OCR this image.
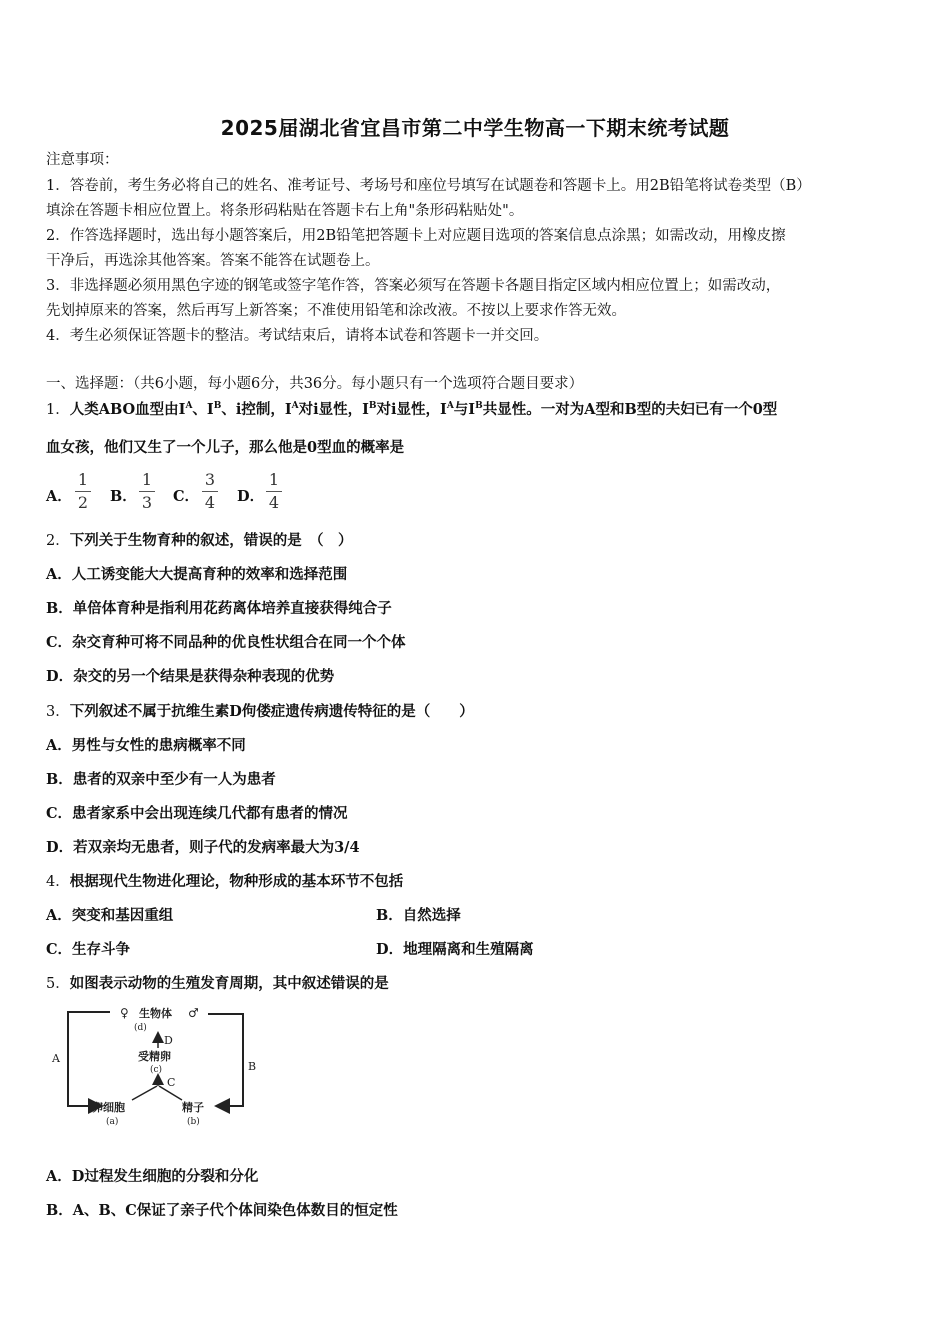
2025届湖北省宜昌市第二中学生物高一下期末统考试题
注意事项：
1．答卷前，考生务必将自己的姓名、准考证号、考场号和座位号填写在试题卷和答题卡上。用2B铅笔将试卷类型（B）
填涂在答题卡相应位置上。将条形码粘贴在答题卡右上角"条形码粘贴处"。
2．作答选择题时，选出每小题答案后，用2B铅笔把答题卡上对应题目选项的答案信息点涂黑；如需改动，用橡皮擦
干净后，再选涂其他答案。答案不能答在试题卷上。
3．非选择题必须用黑色字迹的钢笔或签字笔作答，答案必须写在答题卡各题目指定区域内相应位置上；如需改动，
先划掉原来的答案，然后再写上新答案；不准使用铅笔和涂改液。不按以上要求作答无效。
4．考生必须保证答题卡的整洁。考试结束后，请将本试卷和答题卡一并交回。
一、选择题：（共6小题，每小题6分，共36分。每小题只有一个选项符合题目要求）
1．人类ABO血型由$I^A$、$I^B$、i控制，$I^A$对i显性，$I^B$对i显性，$I^A$与$I^B$共显性。一对为A型和B型的夫妇已有一个0型
血女孩，他们又生了一个儿子，那么他是0型血的概率是
A．
1
2	B．
1
3	C．
3
4	D．
1
4
2．下列关于生物育种的叙述，错误的是　（　）
A．人工诱变能大大提高育种的效率和选择范围
B．单倍体育种是指利用花药离体培养直接获得纯合子
C．杂交育种可将不同品种的优良性状组合在同一个个体
D．杂交的另一个结果是获得杂种表现的优势
3．下列叙述不属于抗维生素D佝偻症遗传病遗传特征的是（　　）
A．男性与女性的患病概率不同
B．患者的双亲中至少有一人为患者
C．患者家系中会出现连续几代都有患者的情况
D．若双亲均无患者，则子代的发病率最大为3/4
4．根据现代生物进化理论，物种形成的基本环节不包括
A．突变和基因重组	B．自然选择
C．生存斗争	D．地理隔离和生殖隔离
5．如图表示动物的生殖发育周期，其中叙述错误的是
♀ 生物体 ♂
(d)
D
受精卵
(c)
C
A
B
卵细胞
(a)
精子
(b)
A．D过程发生细胞的分裂和分化
B．A、B、C保证了亲子代个体间染色体数目的恒定性
